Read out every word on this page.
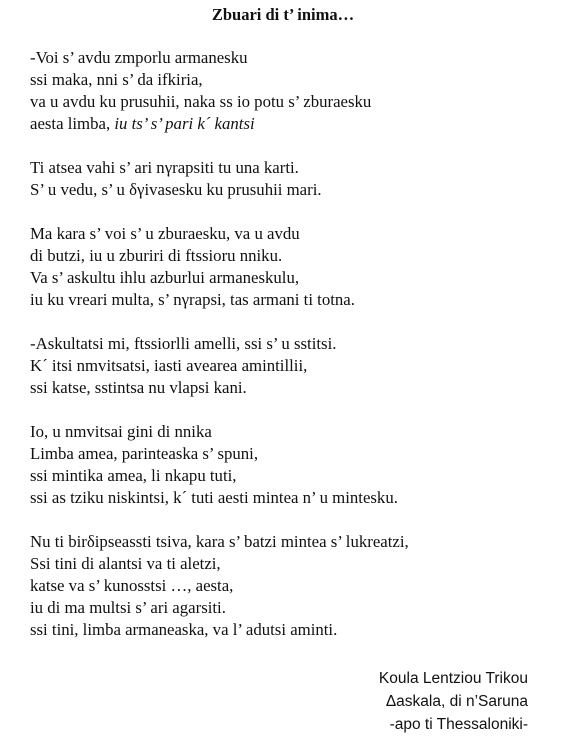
Zbuari di t’ inima…
-Voi s’ avdu zmporlu armanesku
ssi maka, nni s’ da ifkiria,
va u avdu ku prusuhii, naka ss io potu s’ zburaesku
aesta limba, iu ts’ s’ pari k´ kantsi
Ti atsea vahi s’ ari nγrapsiti tu una karti.
S’ u vedu, s’ u δγivasesku ku prusuhii mari.
Ma kara s’ voi s’ u zburaesku, va u avdu
di butzi, iu u zburiri di ftssioru nniku.
Va s’ askultu ihlu azburlui armaneskulu,
iu ku vreari multa, s’ nγrapsi, tas armani ti totna.
-Askultatsi mi, ftssiorlli amelli, ssi s’ u sstitsi.
K´ itsi nmvitsatsi, iasti avearea amintillii,
ssi katse, sstintsa nu vlapsi kani.
Io, u nmvitsai gini di nnika
Limba amea, parinteaska s’ spuni,
ssi mintika amea, li nkapu tuti,
ssi as tziku niskintsi, k´ tuti aesti mintea n’ u mintesku.
Nu ti birδipseassti tsiva, kara s’ batzi mintea s’ lukreatzi,
Ssi tini di alantsi va ti aletzi,
katse va s’ kunosstsi …, aesta,
iu di ma multsi s’ ari agarsiti.
ssi tini, limba armaneaska, va l’ adutsi aminti.
Koula Lentziou Trikou
Δaskala, di n’Saruna
-apo ti Thessaloniki-
